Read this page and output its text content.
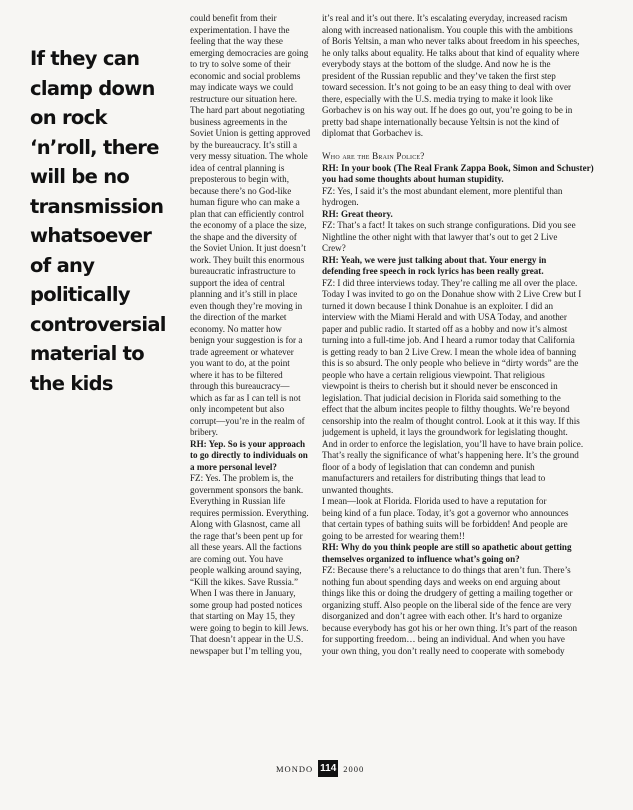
If they can
clamp down
on rock
‘n’roll, there
will be no
transmission
whatsoever
of any
politically
controversial
material to
the kids
could benefit from their
experimentation. I have the
feeling that the way these
emerging democracies are going
to try to solve some of their
economic and social problems
may indicate ways we could
restructure our situation here.
The hard part about negotiating
business agreements in the
Soviet Union is getting approved
by the bureaucracy. It’s still a
very messy situation. The whole
idea of central planning is
preposterous to begin with,
because there’s no God-like
human figure who can make a
plan that can efficiently control
the economy of a place the size,
the shape and the diversity of
the Soviet Union. It just doesn’t
work. They built this enormous
bureaucratic infrastructure to
support the idea of central
planning and it’s still in place
even though they’re moving in
the direction of the market
economy. No matter how
benign your suggestion is for a
trade agreement or whatever
you want to do, at the point
where it has to be filtered
through this bureaucracy—
which as far as I can tell is not
only incompetent but also
corrupt—you’re in the realm of
bribery.
RH: Yep. So is your approach
to go directly to individuals on
a more personal level?
FZ: Yes. The problem is, the
government sponsors the bank.
Everything in Russian life
requires permission. Everything.
Along with Glasnost, came all
the rage that’s been pent up for
all these years. All the factions
are coming out. You have
people walking around saying,
“Kill the kikes. Save Russia.”
When I was there in January,
some group had posted notices
that starting on May 15, they
were going to begin to kill Jews.
That doesn’t appear in the U.S.
newspaper but I’m telling you,
it’s real and it’s out there. It’s escalating everyday, increased racism
along with increased nationalism. You couple this with the ambitions
of Boris Yeltsin, a man who never talks about freedom in his speeches,
he only talks about equality. He talks about that kind of equality where
everybody stays at the bottom of the sludge. And now he is the
president of the Russian republic and they’ve taken the first step
toward secession. It’s not going to be an easy thing to deal with over
there, especially with the U.S. media trying to make it look like
Gorbachev is on his way out. If he does go out, you’re going to be in
pretty bad shape internationally because Yeltsin is not the kind of
diplomat that Gorbachev is.
Who are the Brain Police?
RH: In your book (The Real Frank Zappa Book, Simon and Schuster)
you had some thoughts about human stupidity.
FZ: Yes, I said it’s the most abundant element, more plentiful than
hydrogen.
RH: Great theory.
FZ: That’s a fact! It takes on such strange configurations. Did you see
Nightline the other night with that lawyer that’s out to get 2 Live
Crew?
RH: Yeah, we were just talking about that. Your energy in
defending free speech in rock lyrics has been really great.
FZ: I did three interviews today. They’re calling me all over the place.
Today I was invited to go on the Donahue show with 2 Live Crew but I
turned it down because I think Donahue is an exploiter. I did an
interview with the Miami Herald and with USA Today, and another
paper and public radio. It started off as a hobby and now it’s almost
turning into a full-time job. And I heard a rumor today that California
is getting ready to ban 2 Live Crew. I mean the whole idea of banning
this is so absurd. The only people who believe in “dirty words” are the
people who have a certain religious viewpoint. That religious
viewpoint is theirs to cherish but it should never be ensconced in
legislation. That judicial decision in Florida said something to the
effect that the album incites people to filthy thoughts. We’re beyond
censorship into the realm of thought control. Look at it this way. If this
judgement is upheld, it lays the groundwork for legislating thought.
And in order to enforce the legislation, you’ll have to have brain police.
That’s really the significance of what’s happening here. It’s the ground
floor of a body of legislation that can condemn and punish
manufacturers and retailers for distributing things that lead to
unwanted thoughts.
I mean—look at Florida. Florida used to have a reputation for
being kind of a fun place. Today, it’s got a governor who announces
that certain types of bathing suits will be forbidden! And people are
going to be arrested for wearing them!!
RH: Why do you think people are still so apathetic about getting
themselves organized to influence what’s going on?
FZ: Because there’s a reluctance to do things that aren’t fun. There’s
nothing fun about spending days and weeks on end arguing about
things like this or doing the drudgery of getting a mailing together or
organizing stuff. Also people on the liberal side of the fence are very
disorganized and don’t agree with each other. It’s hard to organize
because everybody has got his or her own thing. It’s part of the reason
for supporting freedom… being an individual. And when you have
your own thing, you don’t really need to cooperate with somebody
MONDO 114 2000
